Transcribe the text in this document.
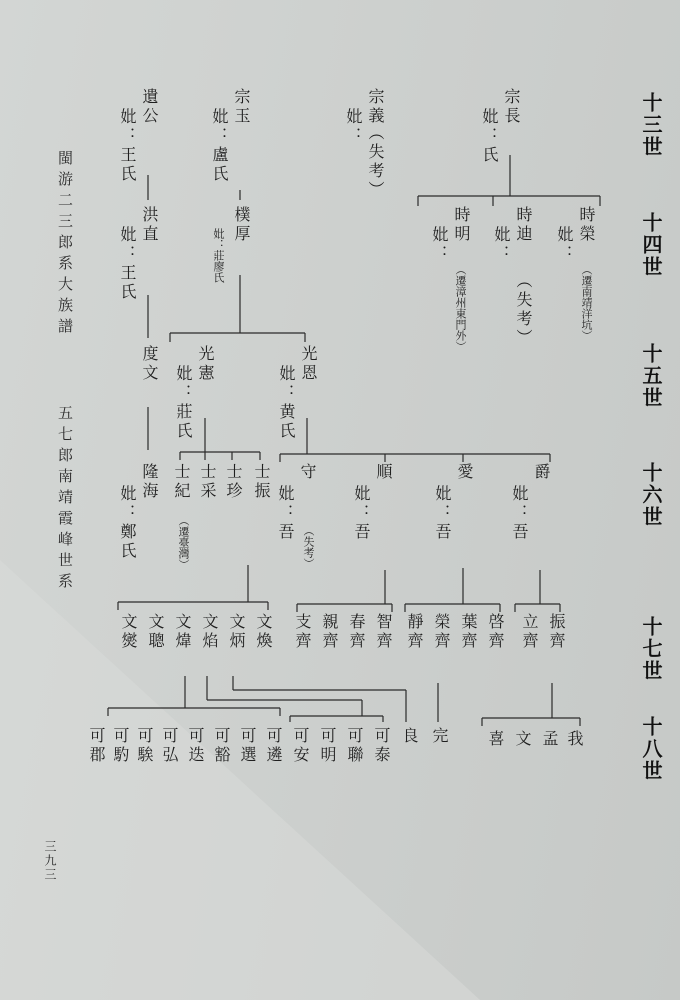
閩游二三郎系大族譜
五七郎南靖霞峰世系
三九三
十三世
十四世
十五世
十六世
十七世
十八世
宗長
妣：氏
宗義
（失考）
妣：
宗玉
妣：盧氏
遺公
妣：王氏
時榮
妣：
（遷南靖洋坑）
時迪
（失考）
妣：
時明
妣：
（遷漳州東門外）
樸厚
妣：莊廖氏
洪直
妣：王氏
光恩
妣：黄氏
光憲
妣：莊氏
度文
爵
妣：吾
愛
妣：吾
順
妣：吾
守
妣：吾
（失考）
士振
士珍
士采
士紀
（遷臺灣）
隆海
妣：鄭氏
振齊
立齊
啓齊
葉齊
榮齊
靜齊
智齊
春齊
親齊
支齊
文煥
文炳
文焰
文煒
文聰
文爕
我
孟
文
喜
完
良
可泰
可聯
可明
可安
可遴
可選
可豁
可迭
可弘
可騃
可馰
可郡
